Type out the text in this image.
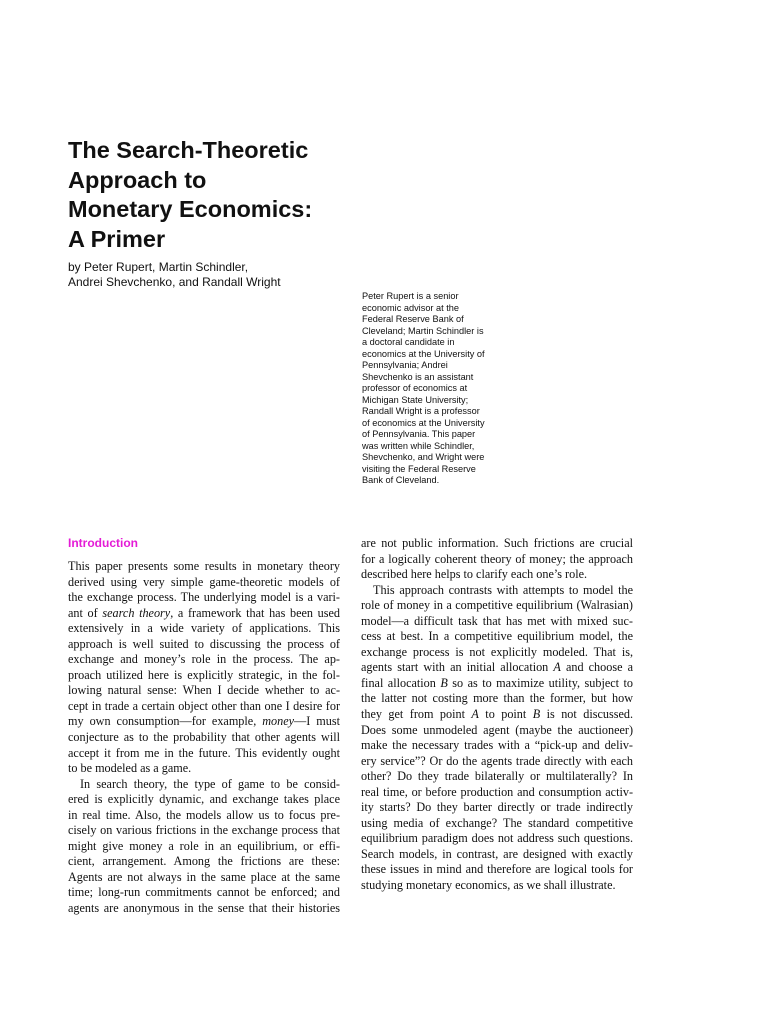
The Search-Theoretic
Approach to
Monetary Economics:
A Primer
by Peter Rupert, Martin Schindler,
Andrei Shevchenko, and Randall Wright
Peter Rupert is a senior
economic advisor at the
Federal Reserve Bank of
Cleveland; Martin Schindler is
a doctoral candidate in
economics at the University of
Pennsylvania; Andrei
Shevchenko is an assistant
professor of economics at
Michigan State University;
Randall Wright is a professor
of economics at the University
of Pennsylvania. This paper
was written while Schindler,
Shevchenko, and Wright were
visiting the Federal Reserve
Bank of Cleveland.
Introduction
This paper presents some results in monetary theory
derived using very simple game-theoretic models of
the exchange process. The underlying model is a vari-
ant of search theory, a framework that has been used
extensively in a wide variety of applications. This
approach is well suited to discussing the process of
exchange and money’s role in the process. The ap-
proach utilized here is explicitly strategic, in the fol-
lowing natural sense: When I decide whether to ac-
cept in trade a certain object other than one I desire for
my own consumption—for example, money—I must
conjecture as to the probability that other agents will
accept it from me in the future. This evidently ought
to be modeled as a game.
In search theory, the type of game to be consid-
ered is explicitly dynamic, and exchange takes place
in real time. Also, the models allow us to focus pre-
cisely on various frictions in the exchange process that
might give money a role in an equilibrium, or effi-
cient, arrangement. Among the frictions are these:
Agents are not always in the same place at the same
time; long-run commitments cannot be enforced; and
agents are anonymous in the sense that their histories
are not public information. Such frictions are crucial
for a logically coherent theory of money; the approach
described here helps to clarify each one’s role.
This approach contrasts with attempts to model the
role of money in a competitive equilibrium (Walrasian)
model—a difficult task that has met with mixed suc-
cess at best. In a competitive equilibrium model, the
exchange process is not explicitly modeled. That is,
agents start with an initial allocation A and choose a
final allocation B so as to maximize utility, subject to
the latter not costing more than the former, but how
they get from point A to point B is not discussed.
Does some unmodeled agent (maybe the auctioneer)
make the necessary trades with a “pick-up and deliv-
ery service”? Or do the agents trade directly with each
other? Do they trade bilaterally or multilaterally? In
real time, or before production and consumption activ-
ity starts? Do they barter directly or trade indirectly
using media of exchange? The standard competitive
equilibrium paradigm does not address such questions.
Search models, in contrast, are designed with exactly
these issues in mind and therefore are logical tools for
studying monetary economics, as we shall illustrate.
